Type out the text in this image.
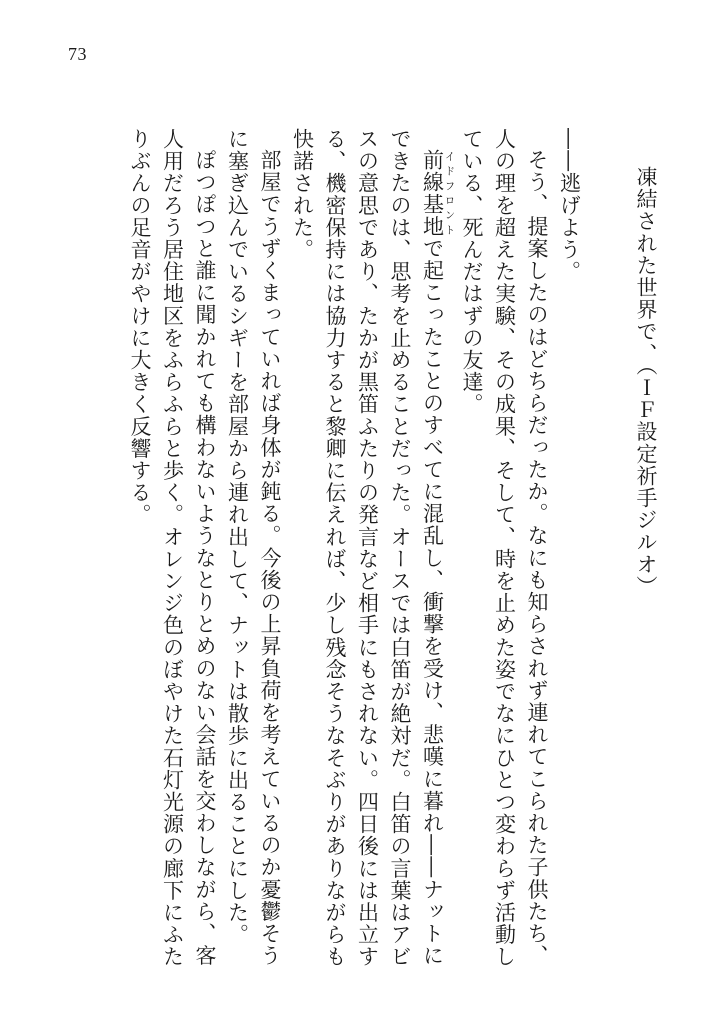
73

凍結された世界で、（ＩＦ設定祈手ジルオ）

――逃げよう。

そう、提案したのはどちらだったか。なにも知らされず連れてこられた子供たち、人の理を超えた実験、その成果、そして、時を止めた姿でなにひとつ変わらず活動している、死んだはずの友達。

前線基地 イドフロントで起こったことのすべてに混乱し、衝撃を受け、悲嘆に暮れ――ナットにできたのは、思考を止めることだった。オースでは白笛が絶対だ。白笛の言葉はアビスの意思であり、たかが黒笛ふたりの発言など相手にもされない。四日後には出立する、機密保持には協力すると黎卿に伝えれば、少し残念そうなそぶりがありながらも快諾された。

部屋でうずくまっていれば身体が鈍る。今後の上昇負荷を考えているのか憂鬱そうに塞ぎ込んでいるシギーを部屋から連れ出して、ナットは散歩に出ることにした。

ぽつぽつと誰に聞かれても構わないようなとりとめのない会話を交わしながら、客人用だろう居住地区をふらふらと歩く。オレンジ色のぼやけた石灯光源の廊下にふたりぶんの足音がやけに大きく反響する。
